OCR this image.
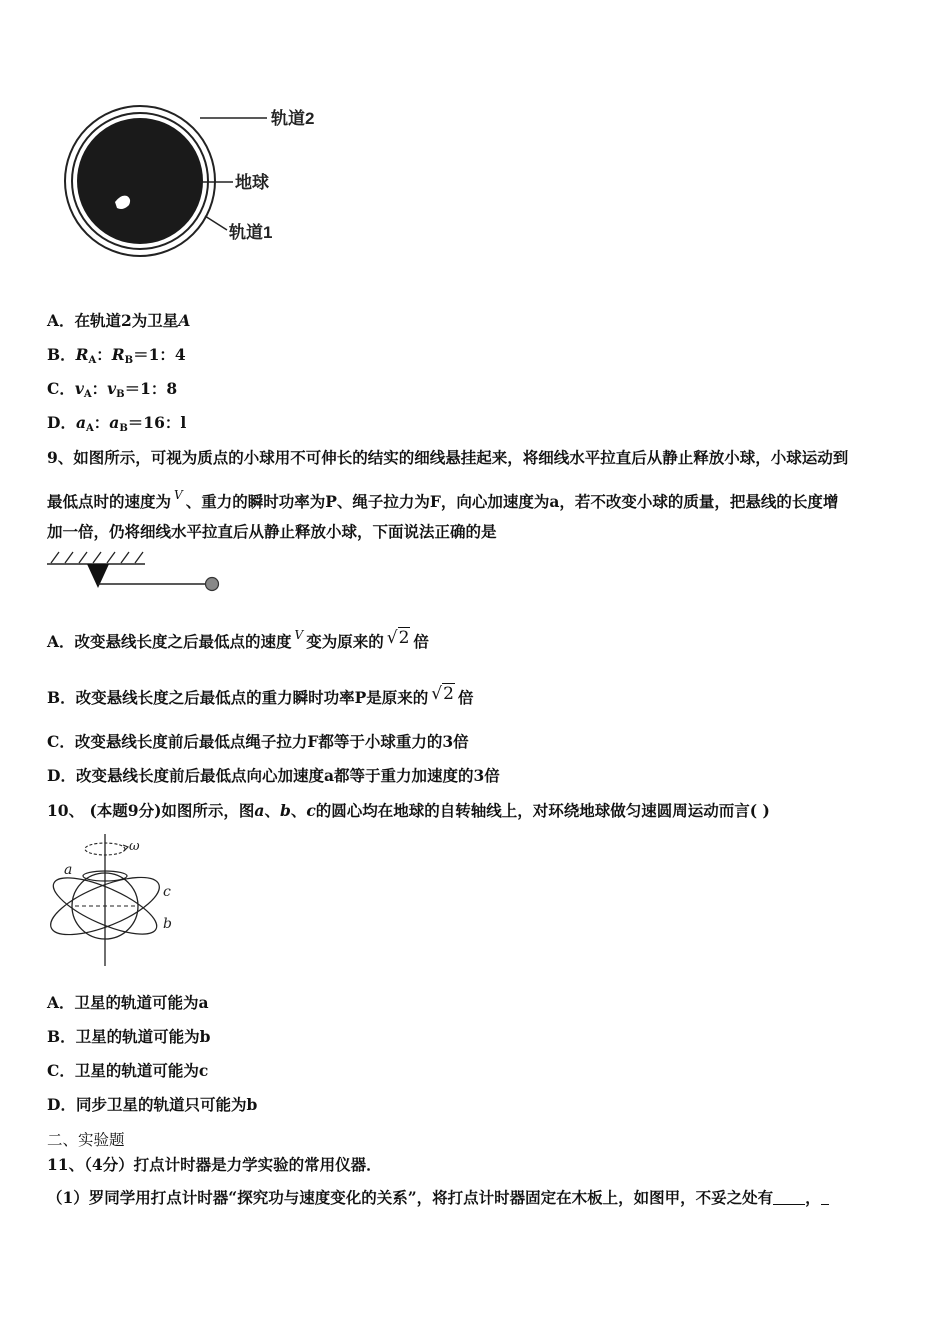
轨道2
地球
轨道1
A．在轨道2为卫星A
B．$R_A$：$R_B=1$：4
C．$v_A$：$v_B=1$：8
D．$a_A$：$a_B=16$：l
9、如图所示，可视为质点的小球用不可伸长的结实的细线悬挂起来，将细线水平拉直后从静止释放小球，小球运动到
最低点时的速度为 $^V$ 、重力的瞬时功率为P、绳子拉力为F，向心加速度为a，若不改变小球的质量，把悬线的长度增
加一倍，仍将细线水平拉直后从静止释放小球，下面说法正确的是
A．改变悬线长度之后最低点的速度 $^V$ 变为原来的 √2 倍
B．改变悬线长度之后最低点的重力瞬时功率P是原来的 √2 倍
C．改变悬线长度前后最低点绳子拉力F都等于小球重力的3倍
D．改变悬线长度前后最低点向心加速度a都等于重力加速度的3倍
10、 (本题9分)如图所示，图a、b、c的圆心均在地球的自转轴线上，对环绕地球做匀速圆周运动而言( )
ω
a
c
b
A．卫星的轨道可能为a
B．卫星的轨道可能为b
C．卫星的轨道可能为c
D．同步卫星的轨道只可能为b
二、实验题
11、（4分）打点计时器是力学实验的常用仪器．
（1）罗同学用打点计时器“探究功与速度变化的关系”，将打点计时器固定在木板上，如图甲，不妥之处有 ，
